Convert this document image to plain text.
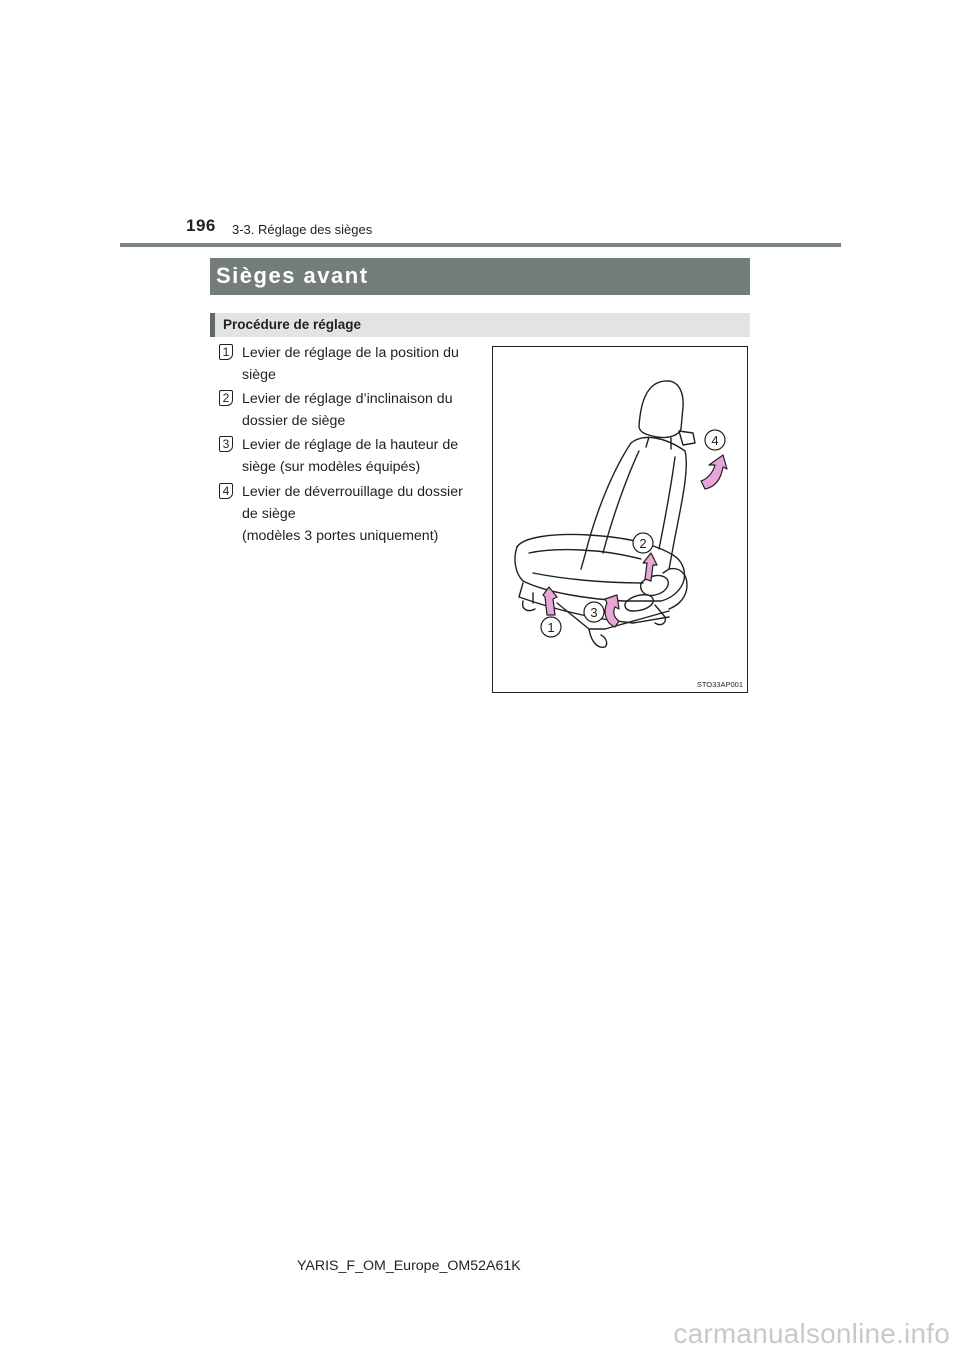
196 3-3. Réglage des sièges
Sièges avant
Procédure de réglage
1 Levier de réglage de la position du
siège
2 Levier de réglage d’inclinaison du
dossier de siège
3 Levier de réglage de la hauteur de
siège (sur modèles équipés)
4 Levier de déverrouillage du dossier
de siège
(modèles 3 portes uniquement)
4
2
3
1
STO33AP001
YARIS_F_OM_Europe_OM52A61K
carmanualsonline.info
